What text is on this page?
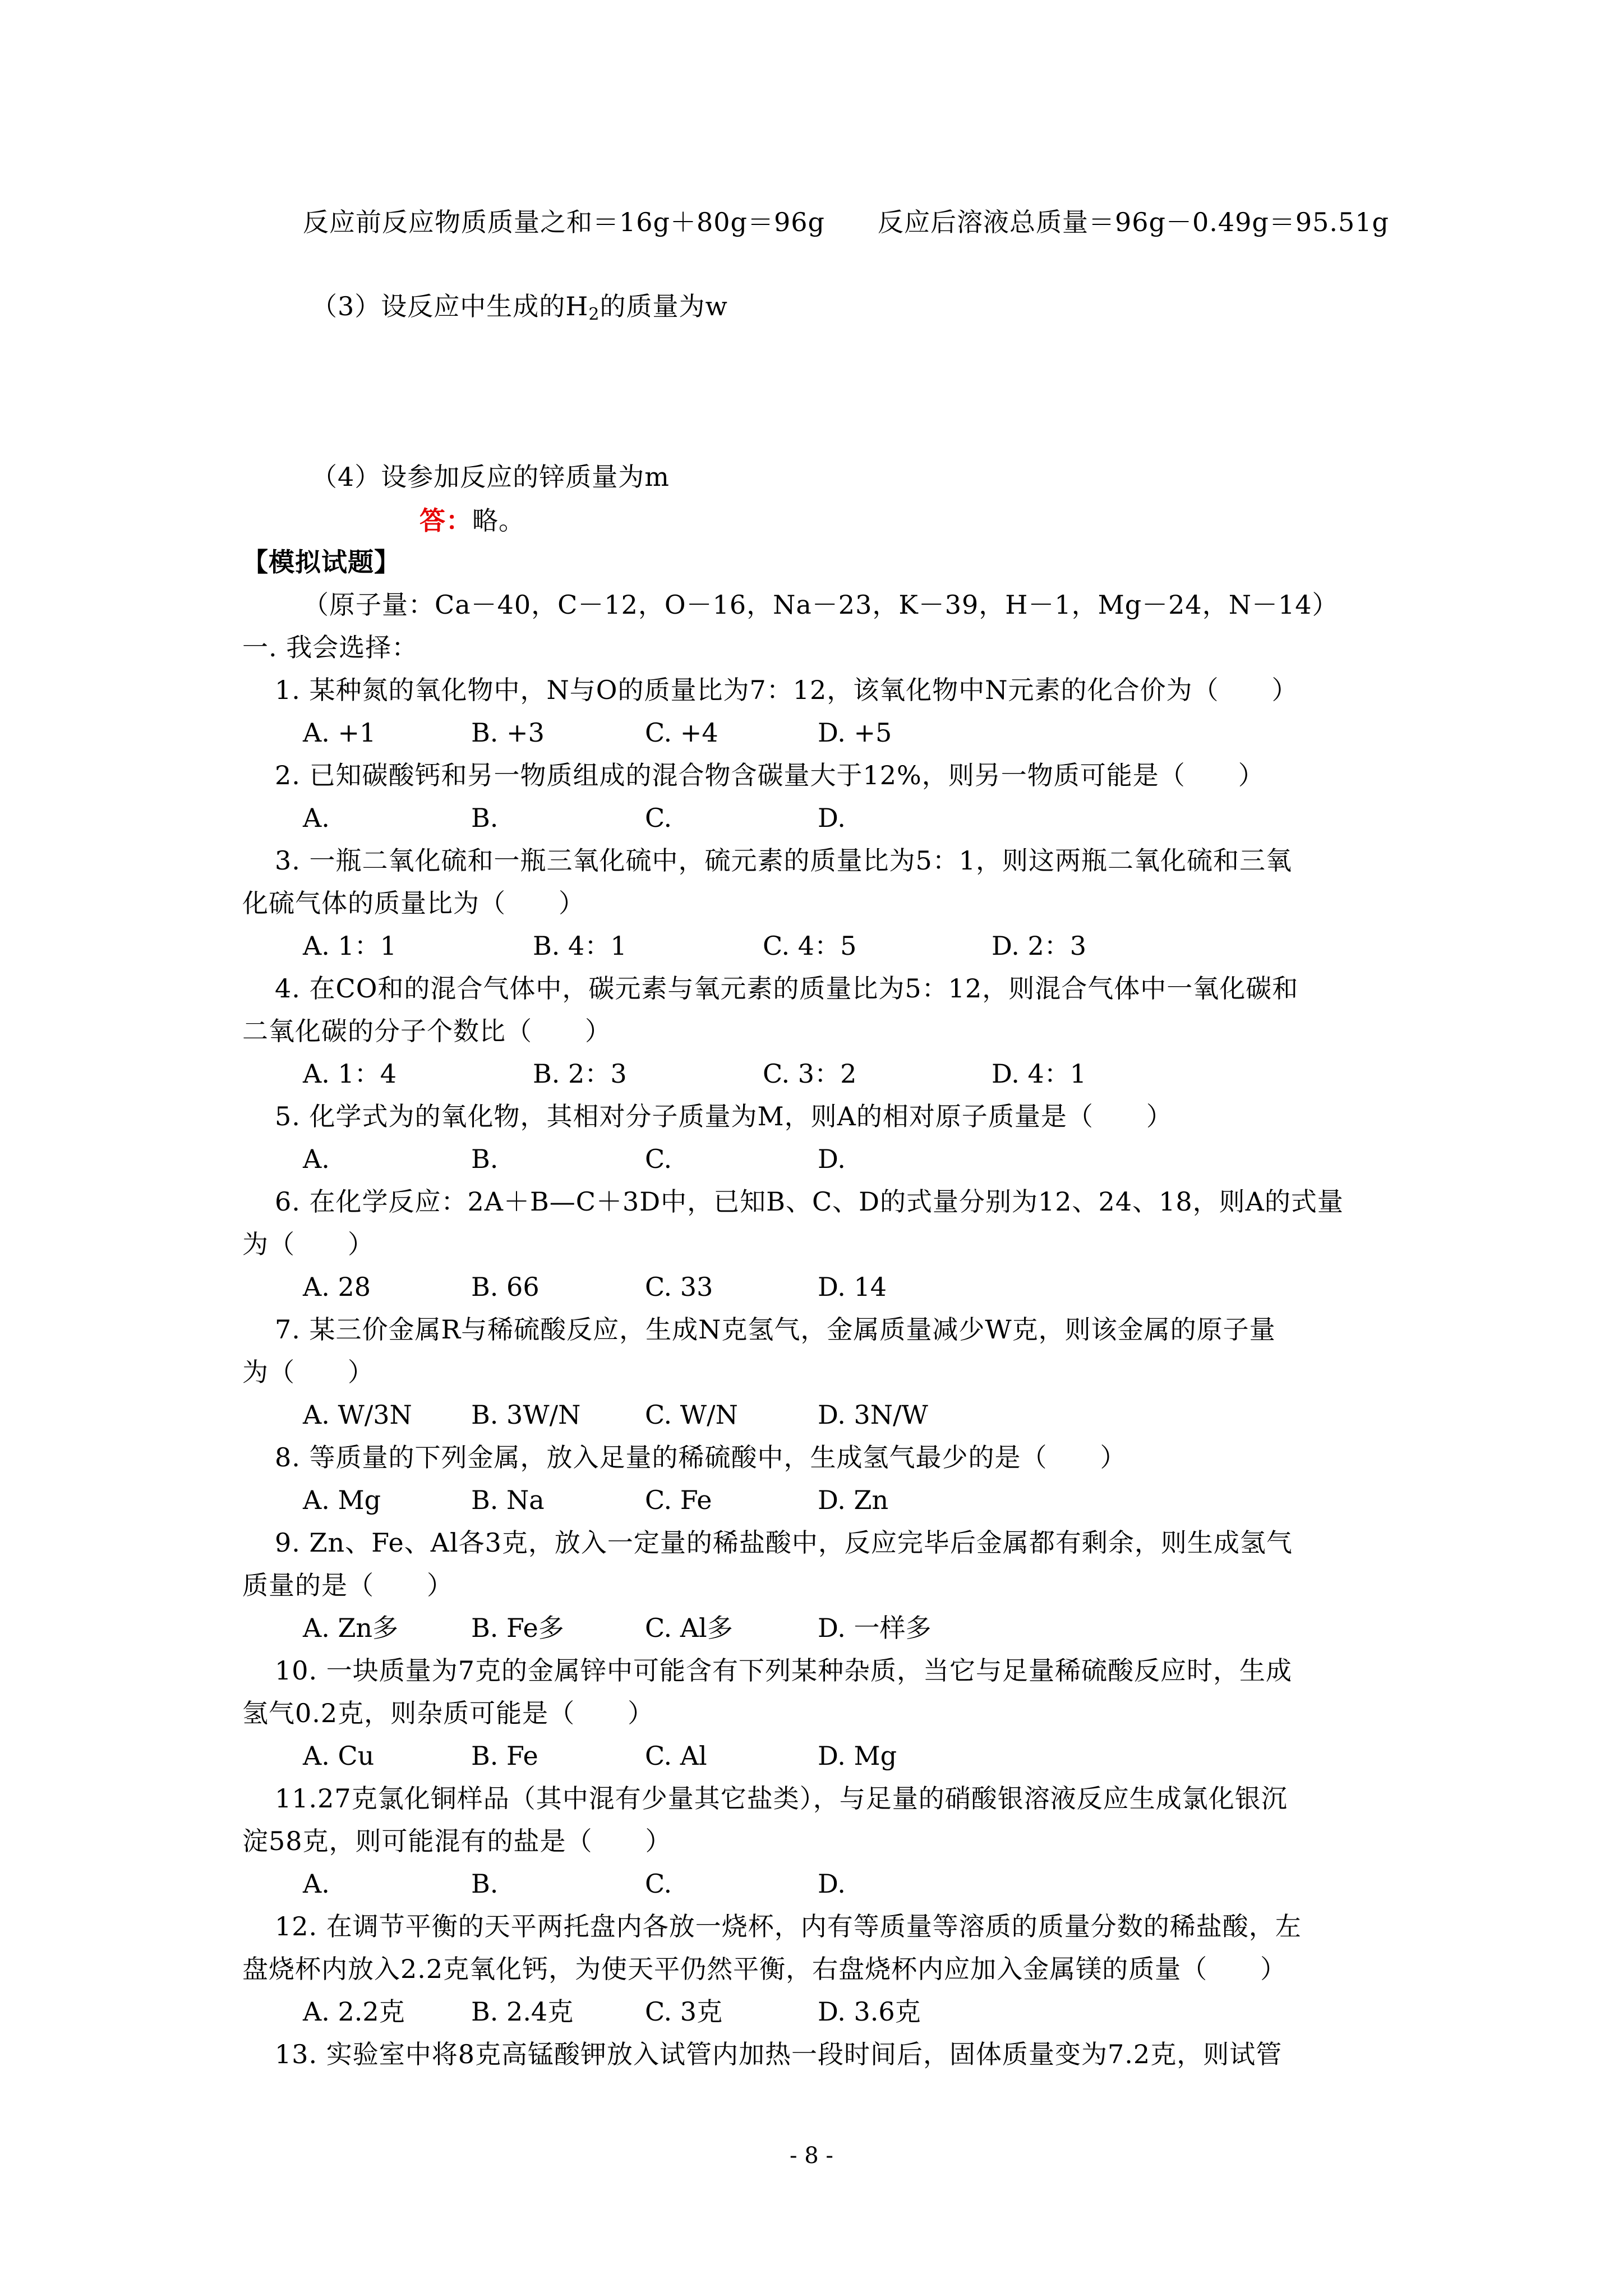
反应前反应物质质量之和＝16g＋80g＝96g 反应后溶液总质量＝96g－0.49g＝95.51g
（3）设反应中生成的$H_2$的质量为w
（4）设参加反应的锌质量为m
答：略。
【模拟试题】
（原子量：Ca－40，C－12，O－16，Na－23，K－39，H－1，Mg－24，N－14）
一. 我会选择：
1. 某种氮的氧化物中，N与O的质量比为7：12，该氧化物中N元素的化合价为（　　）
A. +1	B. +3	C. +4	D. +5
2. 已知碳酸钙和另一物质组成的混合物含碳量大于12%，则另一物质可能是（　　）
A.	B.	C.	D.
3. 一瓶二氧化硫和一瓶三氧化硫中，硫元素的质量比为5：1，则这两瓶二氧化硫和三氧
化硫气体的质量比为（　　）
A. 1：1	B. 4：1	C. 4：5	D. 2：3
4. 在CO和的混合气体中，碳元素与氧元素的质量比为5：12，则混合气体中一氧化碳和
二氧化碳的分子个数比（　　）
A. 1：4	B. 2：3	C. 3：2	D. 4：1
5. 化学式为的氧化物，其相对分子质量为M，则A的相对原子质量是（　　）
A.	B.	C.	D.
6. 在化学反应：2A＋B—C＋3D中，已知B、C、D的式量分别为12、24、18，则A的式量
为（　　）
A. 28	B. 66	C. 33	D. 14
7. 某三价金属R与稀硫酸反应，生成N克氢气，金属质量减少W克，则该金属的原子量
为（　　）
A. W/3N B. 3W/N C. W/N	D. 3N/W
8. 等质量的下列金属，放入足量的稀硫酸中，生成氢气最少的是（　　）
A. Mg	B. Na	C. Fe	D. Zn
9. Zn、Fe、Al各3克，放入一定量的稀盐酸中，反应完毕后金属都有剩余，则生成氢气
质量的是（　　）
A. Zn多	B. Fe多	C. Al多	D. 一样多
10. 一块质量为7克的金属锌中可能含有下列某种杂质，当它与足量稀硫酸反应时，生成
氢气0.2克，则杂质可能是（　　）
A. Cu	B. Fe	C. Al	D. Mg
11.27克氯化铜样品（其中混有少量其它盐类），与足量的硝酸银溶液反应生成氯化银沉
淀58克，则可能混有的盐是（　　）
A.	B.	C.	D.
12. 在调节平衡的天平两托盘内各放一烧杯，内有等质量等溶质的质量分数的稀盐酸，左
盘烧杯内放入2.2克氧化钙，为使天平仍然平衡，右盘烧杯内应加入金属镁的质量（　　）
A. 2.2克	B. 2.4克	C. 3克	D. 3.6克
13. 实验室中将8克高锰酸钾放入试管内加热一段时间后，固体质量变为7.2克，则试管
- 8 -
